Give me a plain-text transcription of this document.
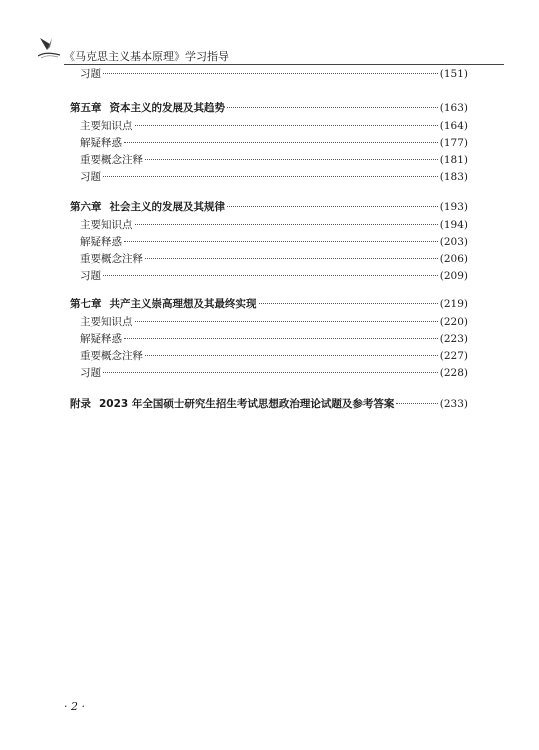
《马克思主义基本原理》学习指导
习题	(151)
第五章 资本主义的发展及其趋势	(163)
主要知识点	(164)
解疑释惑	(177)
重要概念注释	(181)
习题	(183)
第六章 社会主义的发展及其规律	(193)
主要知识点	(194)
解疑释惑	(203)
重要概念注释	(206)
习题	(209)
第七章 共产主义崇高理想及其最终实现	(219)
主要知识点	(220)
解疑释惑	(223)
重要概念注释	(227)
习题	(228)
附录 2023 年全国硕士研究生招生考试思想政治理论试题及参考答案	(233)
· 2 ·
